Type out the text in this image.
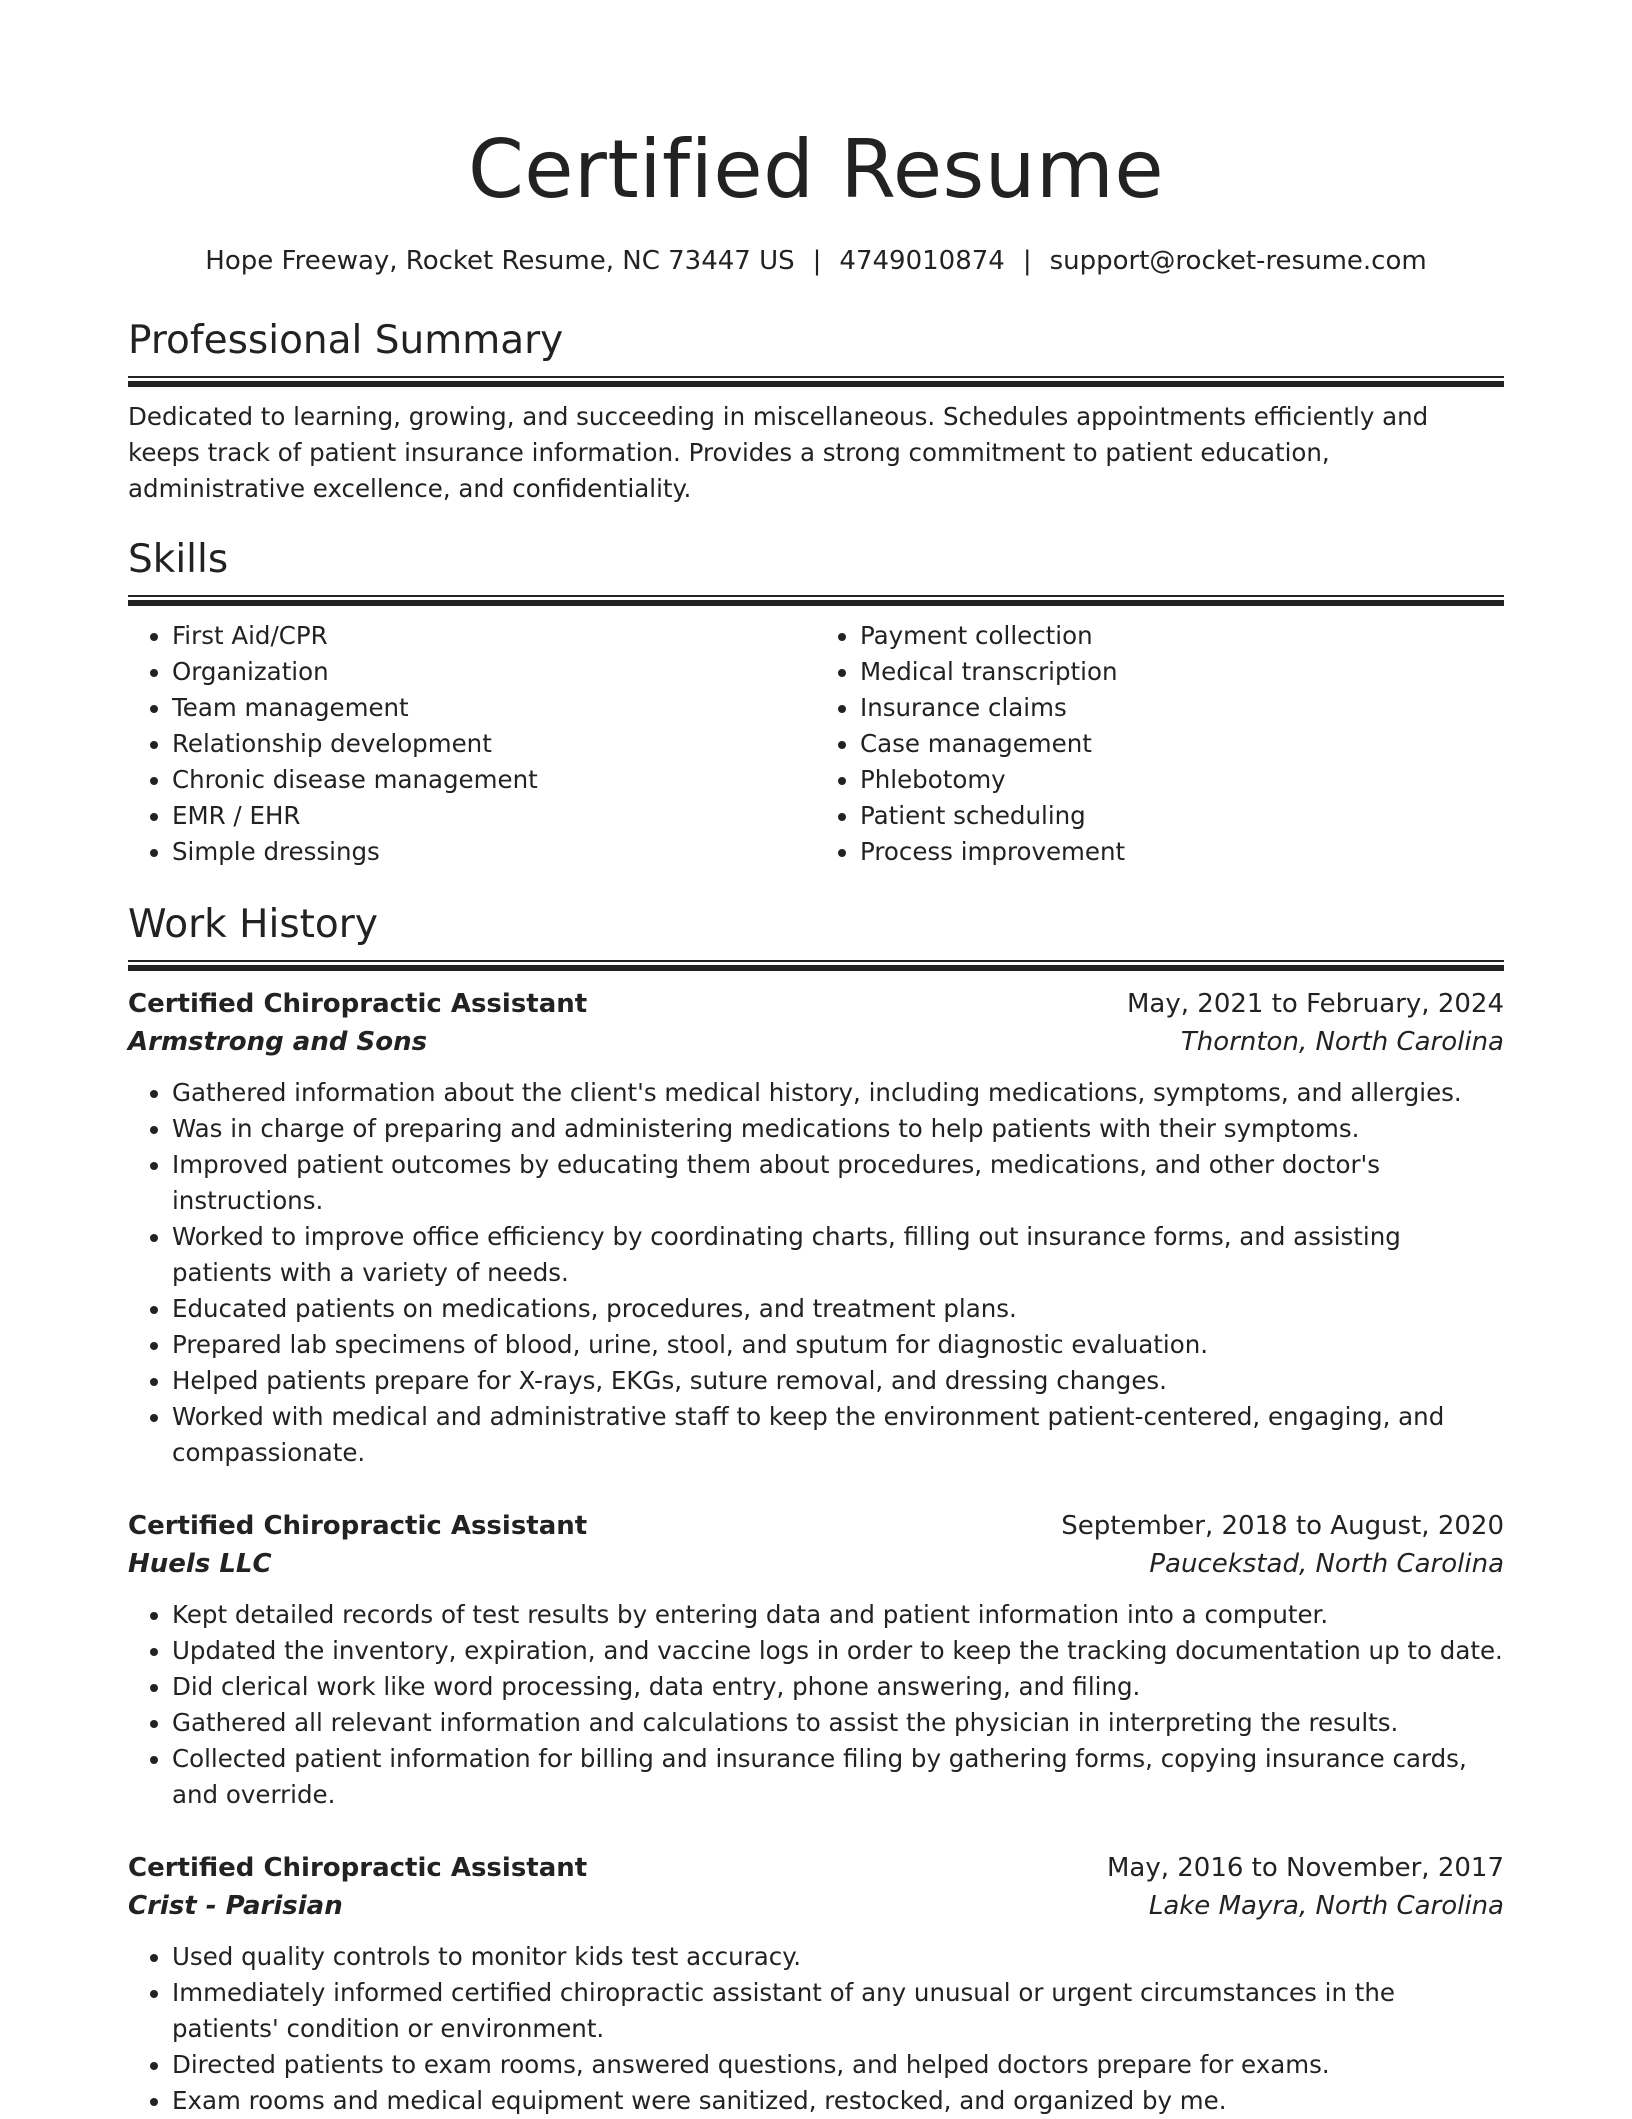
Certified Resume
Hope Freeway, Rocket Resume, NC 73447 US | 4749010874 | support@rocket-resume.com
Professional Summary

Dedicated to learning, growing, and succeeding in miscellaneous. Schedules appointments efficiently and keeps track of patient insurance information. Provides a strong commitment to patient education, administrative excellence, and confidentiality.

Skills
• First Aid/CPR
• Organization
• Team management
• Relationship development
• Chronic disease management
• EMR / EHR
• Simple dressings
• Payment collection
• Medical transcription
• Insurance claims
• Case management
• Phlebotomy
• Patient scheduling
• Process improvement
Work History
Certified Chiropractic Assistant	May, 2021 to February, 2024
Armstrong and Sons	Thornton, North Carolina
• Gathered information about the client's medical history, including medications, symptoms, and allergies.
• Was in charge of preparing and administering medications to help patients with their symptoms.
• Improved patient outcomes by educating them about procedures, medications, and other doctor's instructions.
• Worked to improve office efficiency by coordinating charts, filling out insurance forms, and assisting patients with a variety of needs.
• Educated patients on medications, procedures, and treatment plans.
• Prepared lab specimens of blood, urine, stool, and sputum for diagnostic evaluation.
• Helped patients prepare for X-rays, EKGs, suture removal, and dressing changes.
• Worked with medical and administrative staff to keep the environment patient-centered, engaging, and compassionate.
Certified Chiropractic Assistant	September, 2018 to August, 2020
Huels LLC	Paucekstad, North Carolina
• Kept detailed records of test results by entering data and patient information into a computer.
• Updated the inventory, expiration, and vaccine logs in order to keep the tracking documentation up to date.
• Did clerical work like word processing, data entry, phone answering, and filing.
• Gathered all relevant information and calculations to assist the physician in interpreting the results.
• Collected patient information for billing and insurance filing by gathering forms, copying insurance cards, and override.
Certified Chiropractic Assistant	May, 2016 to November, 2017
Crist - Parisian	Lake Mayra, North Carolina
• Used quality controls to monitor kids test accuracy.
• Immediately informed certified chiropractic assistant of any unusual or urgent circumstances in the patients' condition or environment.
• Directed patients to exam rooms, answered questions, and helped doctors prepare for exams.
• Exam rooms and medical equipment were sanitized, restocked, and organized by me.
